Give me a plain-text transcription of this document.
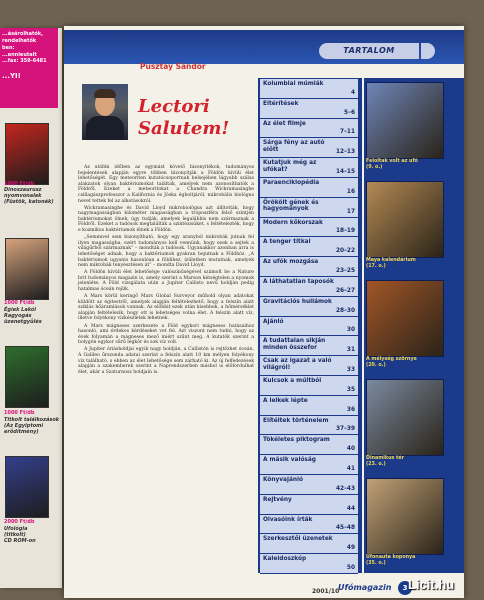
...ásárolhatók,
rendelhetők
ben:
...ennleutalt
...fax: 359-6481
...YI!
Dinoszaurusz
nyomvonalak
(Füstök, katonák)
1000 Ft/db
1000 Ft/db
Égiek Lakói
Ragyogás
üzenetgyűlés
1000 Ft/db
Titkolt találkozások
(Az Egyiptomi
erődítmény)
2000 Ft/db
Ufológia
(titkolt)
CD ROM-on
TARTALOM
Pusztay Sándor
Lectori Salutem!

Az utóbbi időben az egymást követő bizonyítékok, tudományos bejelentések alapján egyre többen bizonyítják a Földön kívüli élet lehetőségét. Egy meteoriten kutatócsoportnak belsejében lágyabb szálas alakzatok olyan baktériumokat találtak, amelyek nem azonosíthatók a Földről. Ezeket a meteoritokat a Chandra Wickramasinghe csillagászprofesszor a Kalifornia és Jóska égboltjáról, mikrobális biológus nevet tettek fel az alkotásokról.

Wickramasinghe és David Lloyd mikrobiológus azt állították, hogy nagymagasságban kilométer magasságban a troposzféra felső szintjén baktériumokat ölnek, úgy tudják, amelyek legalábbis nem származnak a Földről. Ezeket a tudósok megtalálták a szintézisüket, s feltételezték, hogy e kozmikus baktériumok élnek a Földön.

„Semmivel sem bizonyítható, hogy egy aranyból mikrobák jutnak fel ilyen magasságba, ezért tudományos kell vennünk, hogy ezek a sejtek a világűrből származnak” – mondták a tudósok. Ugyanakkor azonban arra is lehetőséget adnak, hogy a baktériumok gyakran bejutnak a Földhöz. „A baktériumok ugyanis hasonlóan a földihez, ízületben mutatnak, amelyek nem mikrobák tenyésztésen át” – mondta David Lloyd.

A Földön kívüli élet lehetősége valószínűségével számolt be a Nature brit tudományos magazin is, amely szerint a Marson kétségtelen a nyomok jelenléte. A Föld vizsgálata után a Jupiter Callisto nevű holdján pedig hatalmas óceán rejlik.

A Mars körül keringő Mars Global Surveyor műhold olyan adatokat küldött az égitestről, amelyek alapján feltételezhető, hogy a felszín alatt sziklás hőáramlások vannak. Az előbbit ezek után kisebbek, a hőmérséklet alapján feltételezik, hogy ott is lehetséges volna élet. A felszín alatt víz, illetve folyékony vízkészletek lehetnek.

A Mars mágneses szerkezete a Föld egykori mágneses hatásaihoz hasonló, ami érdekes kérdéseket vet fel. Azt viszont nem tudni, hogy az évek folyamán a mágneses mező miért szűnt meg. A kutatók szerint a bolygón egykor sűrű légkör és sok víz volt.

A Jupiter óriásholdjai egyik nagy holdján, a Callistón is rejtőzhet óceán. A Galileo űrszonda adatai szerint a felszín alatt 10 km mélyen folyékony víz található, s ebben az élet lehetősége sem zárható ki. Az új felfedezések alapján a szakemberek szerint a Naprendszerben máshol is előfordulhat élet, akár a Szaturnusz holdjain is.

Kolumbiai múmiák
4
Eltérítések
5–6
Az élet filmje
7–11
Sárga fény az autó előtt	12–13
Kutatjuk még az ufókat?	14–15
Paraenciklopédia
16
Örökölt gének és hagyományok	17
Modern kőkorszak
18–19
A tenger titkai
20–22
Az ufók mozgása
23–25
A láthatatlan taposók
26–27
Gravitációs hullámok
28–30
Ajánló
30
A tudattalan sikján minden összefor	31
Csak az igazat a való világról!	33
Kulcsok a múltból
35
A lelkek lépte
36
Elítéltek történelem
37–39
Tökéletes piktogram
40
A másik valóság
41
Könyvajánló
42–43
Rejtvény
44
Olvasóink írták
45–48
Szerkesztői üzenetek
49
Kaleidoszkóp
50
Feloltak volt az ufó
(9. o.)
Maya kalendárium
(17. o.)
A mélység szörnye
(20. o.)
Dinamikus tér
(23. o.)
Ufonauta koponya
(35. o.)
2001/10
Ufómagazin	3 Licit.hu
